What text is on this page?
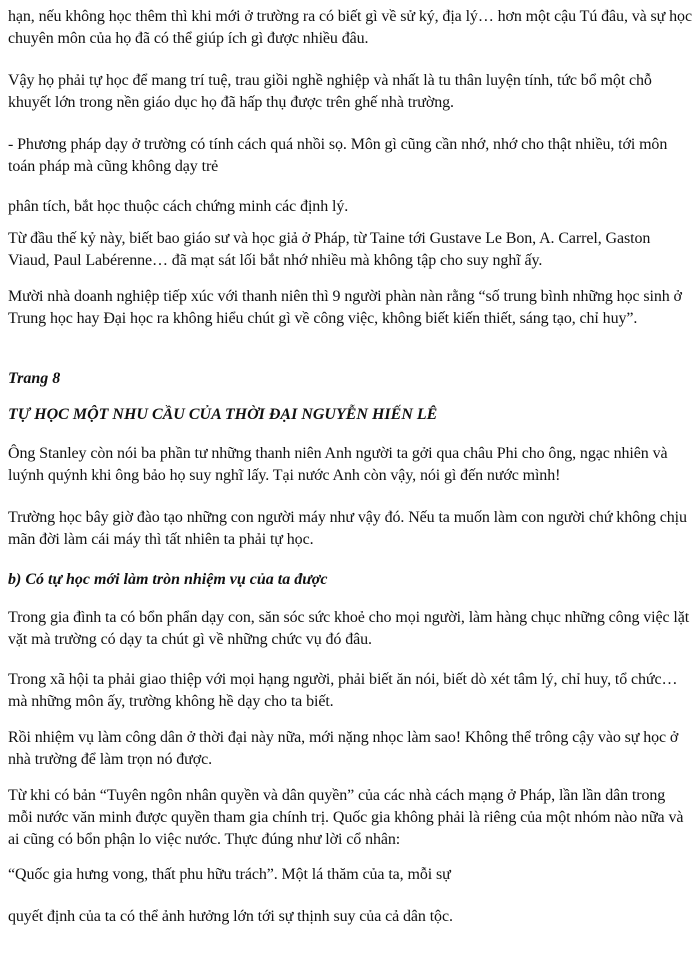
hạn, nếu không học thêm thì khi mới ở trường ra có biết gì về sử ký, địa lý… hơn một cậu Tú đâu, và sự học chuyên môn của họ đã có thể giúp ích gì được nhiều đâu.

Vậy họ phải tự học để mang trí tuệ, trau giồi nghề nghiệp và nhất là tu thân luyện tính, tức bổ một chỗ khuyết lớn trong nền giáo dục họ đã hấp thụ được trên ghế nhà trường.

- Phương pháp dạy ở trường có tính cách quá nhồi sọ. Môn gì cũng cần nhớ, nhớ cho thật nhiều, tới môn toán pháp mà cũng không dạy trẻ

phân tích, bắt học thuộc cách chứng minh các định lý.

Từ đầu thế kỷ này, biết bao giáo sư và học giả ở Pháp, từ Taine tới Gustave Le Bon, A. Carrel, Gaston Viaud, Paul Labérenne… đã mạt sát lối bắt nhớ nhiều mà không tập cho suy nghĩ ấy.

Mười nhà doanh nghiệp tiếp xúc với thanh niên thì 9 người phàn nàn rằng “số trung bình những học sinh ở Trung học hay Đại học ra không hiểu chút gì về công việc, không biết kiến thiết, sáng tạo, chỉ huy”.

Trang 8

TỰ HỌC MỘT NHU CẦU CỦA THỜI ĐẠI NGUYỄN HIẾN LÊ

Ông Stanley còn nói ba phần tư những thanh niên Anh người ta gởi qua châu Phi cho ông, ngạc nhiên và luýnh quýnh khi ông bảo họ suy nghĩ lấy. Tại nước Anh còn vậy, nói gì đến nước mình!

Trường học bây giờ đào tạo những con người máy như vậy đó. Nếu ta muốn làm con người chứ không chịu mãn đời làm cái máy thì tất nhiên ta phải tự học.

b) Có tự học mới làm tròn nhiệm vụ của ta được

Trong gia đình ta có bổn phẩn dạy con, săn sóc sức khoẻ cho mọi người, làm hàng chục những công việc lặt vặt mà trường có dạy ta chút gì về những chức vụ đó đâu.

Trong xã hội ta phải giao thiệp với mọi hạng người, phải biết ăn nói, biết dò xét tâm lý, chỉ huy, tổ chức… mà những môn ấy, trường không hề dạy cho ta biết.

Rồi nhiệm vụ làm công dân ở thời đại này nữa, mới nặng nhọc làm sao! Không thể trông cậy vào sự học ở nhà trường để làm trọn nó được.

Từ khi có bản “Tuyên ngôn nhân quyền và dân quyền” của các nhà cách mạng ở Pháp, lần lần dân trong mỗi nước văn minh được quyền tham gia chính trị. Quốc gia không phải là riêng của một nhóm nào nữa và ai cũng có bổn phận lo việc nước. Thực đúng như lời cổ nhân:

“Quốc gia hưng vong, thất phu hữu trách”. Một lá thăm của ta, mỗi sự

quyết định của ta có thể ảnh hưởng lớn tới sự thịnh suy của cả dân tộc.
